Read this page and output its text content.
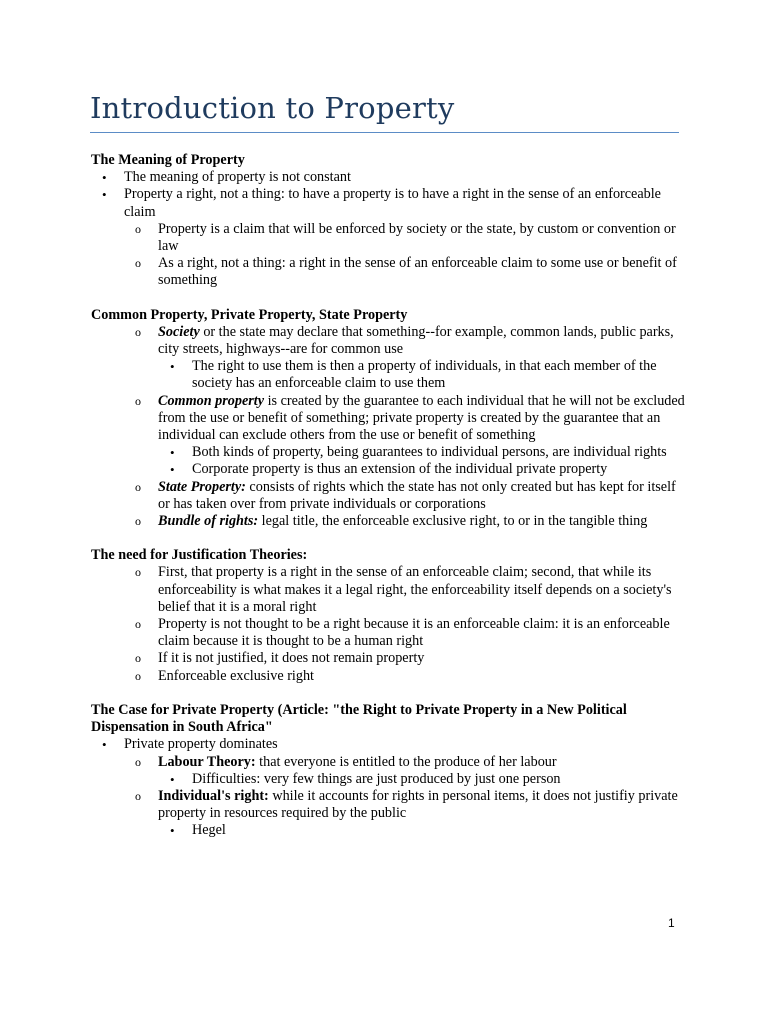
Introduction to Property
The Meaning of Property
• The meaning of property is not constant
• Property a right, not a thing: to have a property is to have a right in the sense of an enforceable claim
o Property is a claim that will be enforced by society or the state, by custom or convention or law
o As a right, not a thing: a right in the sense of an enforceable claim to some use or benefit of something
Common Property, Private Property, State Property
o Society or the state may declare that something--for example, common lands, public parks, city streets, highways--are for common use
• The right to use them is then a property of individuals, in that each member of the society has an enforceable claim to use them
o Common property is created by the guarantee to each individual that he will not be excluded from the use or benefit of something; private property is created by the guarantee that an individual can exclude others from the use or benefit of something
• Both kinds of property, being guarantees to individual persons, are individual rights
• Corporate property is thus an extension of the individual private property
o State Property: consists of rights which the state has not only created but has kept for itself or has taken over from private individuals or corporations
o Bundle of rights: legal title, the enforceable exclusive right, to or in the tangible thing
The need for Justification Theories:
o First, that property is a right in the sense of an enforceable claim; second, that while its enforceability is what makes it a legal right, the enforceability itself depends on a society's belief that it is a moral right
o Property is not thought to be a right because it is an enforceable claim: it is an enforceable claim because it is thought to be a human right
o If it is not justified, it does not remain property
o Enforceable exclusive right
The Case for Private Property (Article: "the Right to Private Property in a New Political Dispensation in South Africa"
• Private property dominates
o Labour Theory: that everyone is entitled to the produce of her labour
• Difficulties: very few things are just produced by just one person
o Individual's right: while it accounts for rights in personal items, it does not justifiy private property in resources required by the public
• Hegel
1
